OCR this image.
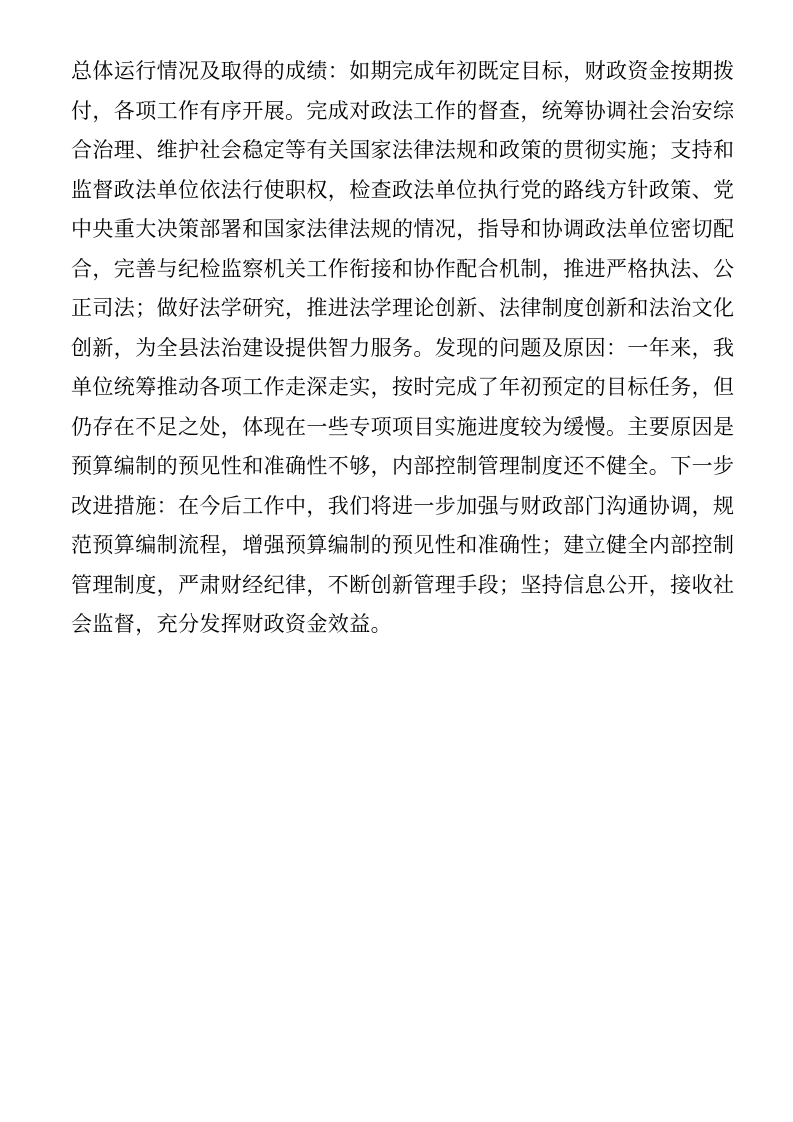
总体运行情况及取得的成绩：如期完成年初既定目标，财政资金按期拨
付，各项工作有序开展。完成对政法工作的督查，统筹协调社会治安综
合治理、维护社会稳定等有关国家法律法规和政策的贯彻实施；支持和
监督政法单位依法行使职权，检查政法单位执行党的路线方针政策、党
中央重大决策部署和国家法律法规的情况，指导和协调政法单位密切配
合，完善与纪检监察机关工作衔接和协作配合机制，推进严格执法、公
正司法；做好法学研究，推进法学理论创新、法律制度创新和法治文化
创新，为全县法治建设提供智力服务。发现的问题及原因：一年来，我
单位统筹推动各项工作走深走实，按时完成了年初预定的目标任务，但
仍存在不足之处，体现在一些专项项目实施进度较为缓慢。主要原因是
预算编制的预见性和准确性不够，内部控制管理制度还不健全。下一步
改进措施：在今后工作中，我们将进一步加强与财政部门沟通协调，规
范预算编制流程，增强预算编制的预见性和准确性；建立健全内部控制
管理制度，严肃财经纪律，不断创新管理手段；坚持信息公开，接收社
会监督，充分发挥财政资金效益。
